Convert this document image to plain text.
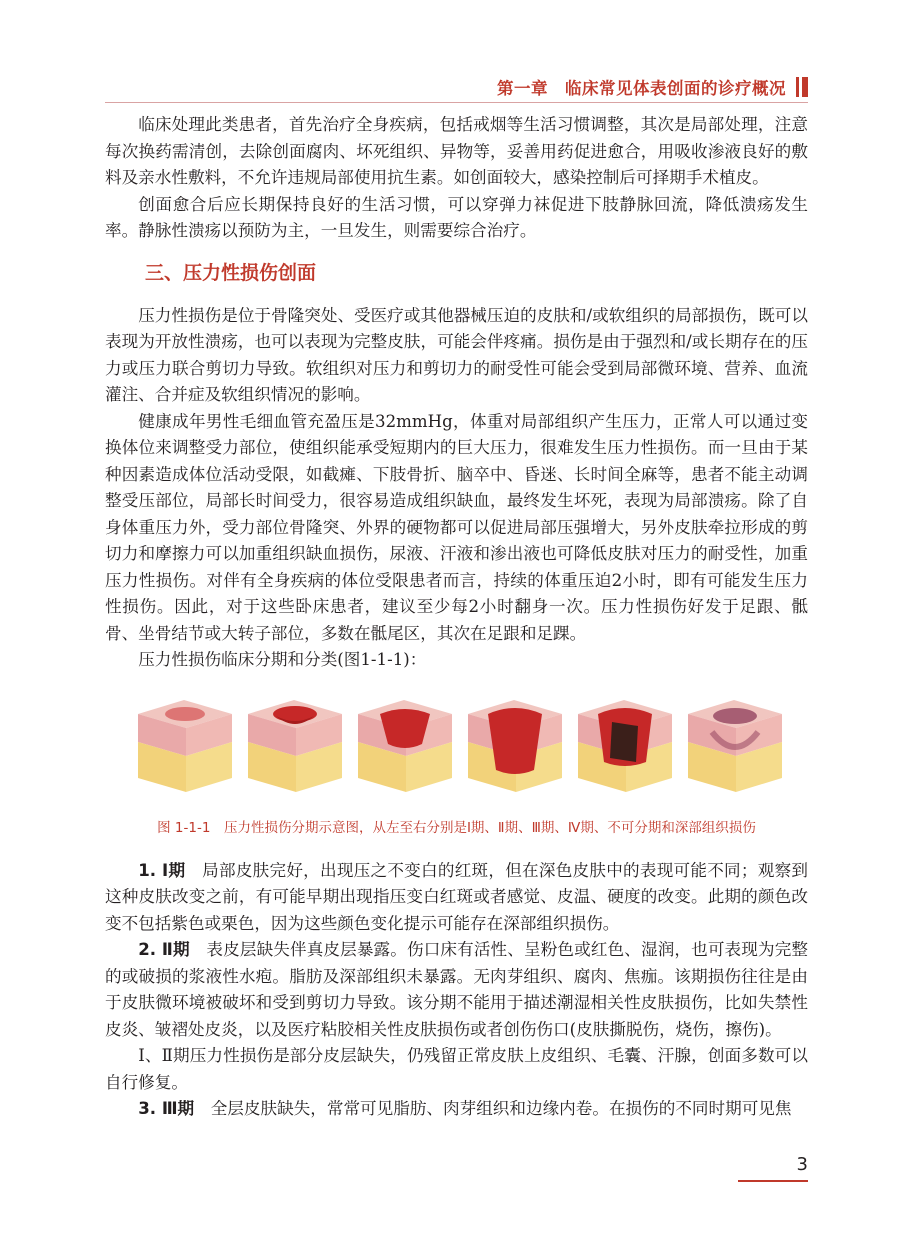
第一章　临床常见体表创面的诊疗概况

临床处理此类患者，首先治疗全身疾病，包括戒烟等生活习惯调整，其次是局部处理，注意每次换药需清创，去除创面腐肉、坏死组织、异物等，妥善用药促进愈合，用吸收渗液良好的敷料及亲水性敷料，不允许违规局部使用抗生素。如创面较大，感染控制后可择期手术植皮。

创面愈合后应长期保持良好的生活习惯，可以穿弹力袜促进下肢静脉回流，降低溃疡发生率。静脉性溃疡以预防为主，一旦发生，则需要综合治疗。

三、压力性损伤创面

压力性损伤是位于骨隆突处、受医疗或其他器械压迫的皮肤和/或软组织的局部损伤，既可以表现为开放性溃疡，也可以表现为完整皮肤，可能会伴疼痛。损伤是由于强烈和/或长期存在的压力或压力联合剪切力导致。软组织对压力和剪切力的耐受性可能会受到局部微环境、营养、血流灌注、合并症及软组织情况的影响。

健康成年男性毛细血管充盈压是32mmHg，体重对局部组织产生压力，正常人可以通过变换体位来调整受力部位，使组织能承受短期内的巨大压力，很难发生压力性损伤。而一旦由于某种因素造成体位活动受限，如截瘫、下肢骨折、脑卒中、昏迷、长时间全麻等，患者不能主动调整受压部位，局部长时间受力，很容易造成组织缺血，最终发生坏死，表现为局部溃疡。除了自身体重压力外，受力部位骨隆突、外界的硬物都可以促进局部压强增大，另外皮肤牵拉形成的剪切力和摩擦力可以加重组织缺血损伤，尿液、汗液和渗出液也可降低皮肤对压力的耐受性，加重压力性损伤。对伴有全身疾病的体位受限患者而言，持续的体重压迫2小时，即有可能发生压力性损伤。因此，对于这些卧床患者，建议至少每2小时翻身一次。压力性损伤好发于足跟、骶骨、坐骨结节或大转子部位，多数在骶尾区，其次在足跟和足踝。

压力性损伤临床分期和分类(图1-1-1)：

图 1-1-1　压力性损伤分期示意图，从左至右分别是Ⅰ期、Ⅱ期、Ⅲ期、Ⅳ期、不可分期和深部组织损伤

1. Ⅰ期　 局部皮肤完好，出现压之不变白的红斑，但在深色皮肤中的表现可能不同；观察到这种皮肤改变之前，有可能早期出现指压变白红斑或者感觉、皮温、硬度的改变。此期的颜色改变不包括紫色或栗色，因为这些颜色变化提示可能存在深部组织损伤。

2. Ⅱ期　 表皮层缺失伴真皮层暴露。伤口床有活性、呈粉色或红色、湿润，也可表现为完整的或破损的浆液性水疱。脂肪及深部组织未暴露。无肉芽组织、腐肉、焦痂。该期损伤往往是由于皮肤微环境被破坏和受到剪切力导致。该分期不能用于描述潮湿相关性皮肤损伤，比如失禁性皮炎、皱褶处皮炎，以及医疗粘胶相关性皮肤损伤或者创伤伤口(皮肤撕脱伤，烧伤，擦伤)。

Ⅰ、Ⅱ期压力性损伤是部分皮层缺失，仍残留正常皮肤上皮组织、毛囊、汗腺，创面多数可以自行修复。

3. Ⅲ期　 全层皮肤缺失，常常可见脂肪、肉芽组织和边缘内卷。在损伤的不同时期可见焦

3
